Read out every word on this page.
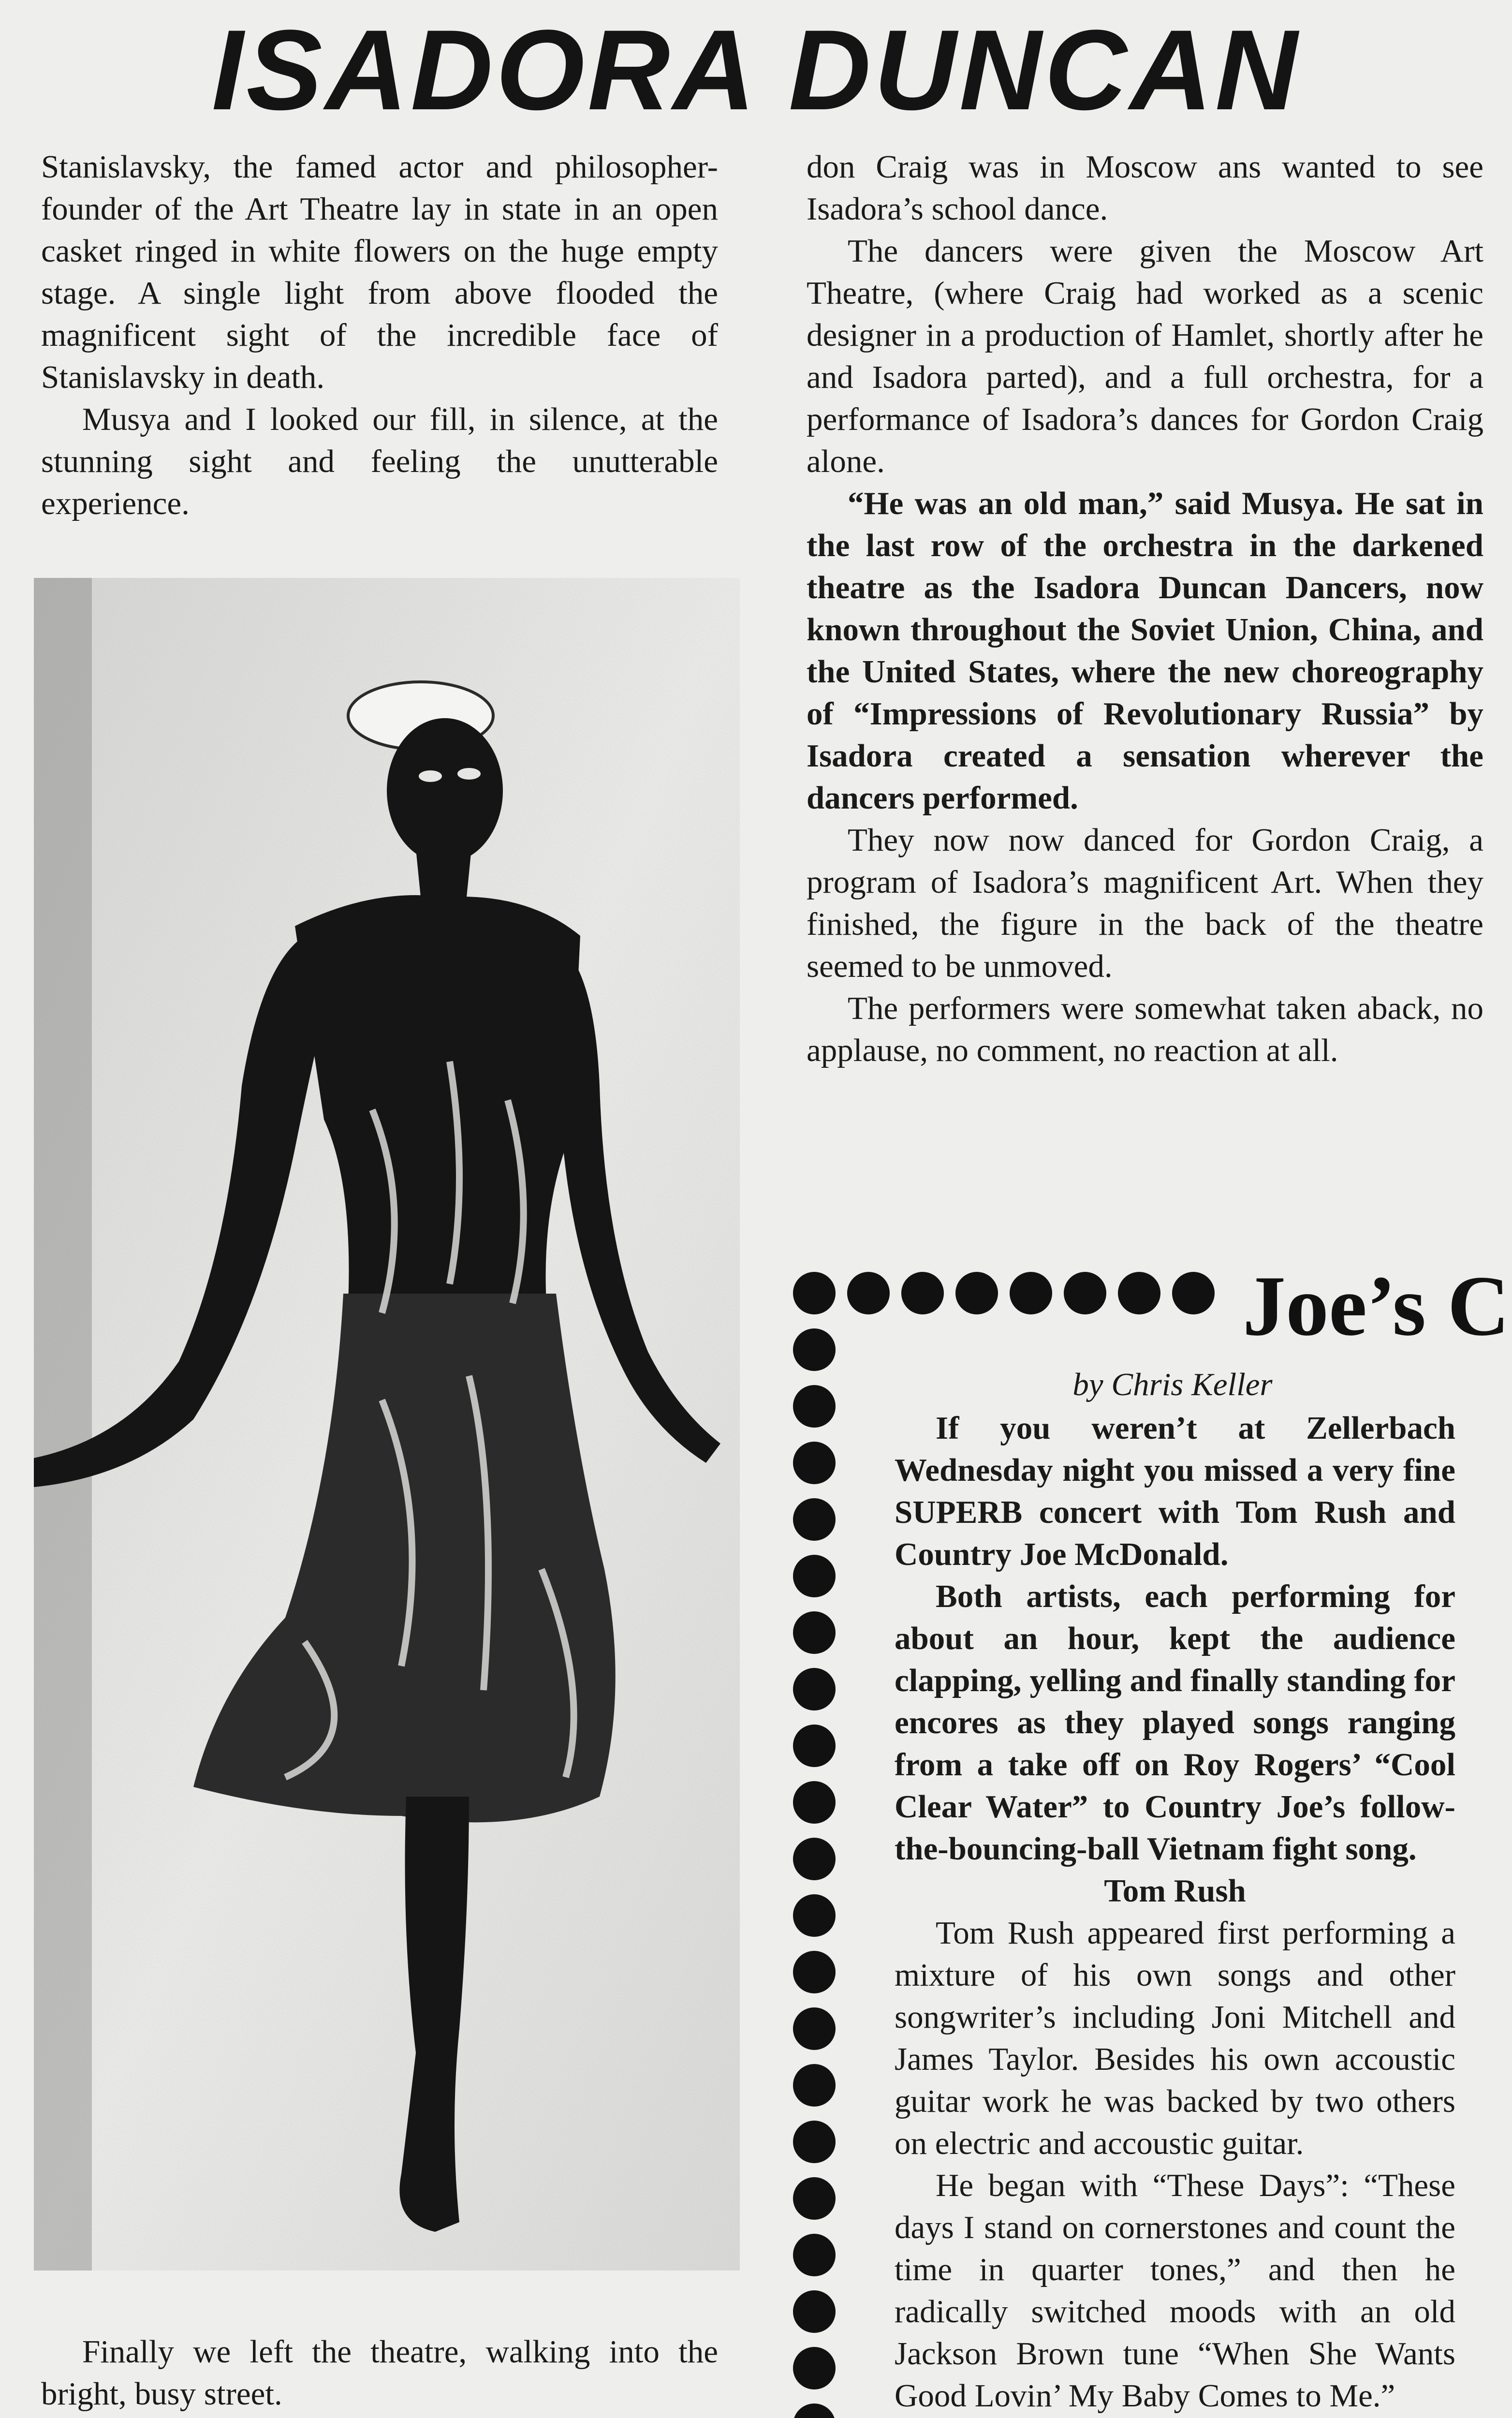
ISADORA DUNCAN

Stanislavsky, the famed actor and philosopher-founder of the Art Theatre lay in state in an open casket ringed in white flowers on the huge empty stage. A single light from above flooded the magnificent sight of the incredible face of Stanislavsky in death.

Musya and I looked our fill, in silence, at the stunning sight and feeling the unutterable experience.

Finally we left the theatre, walking into the bright, busy street.

don Craig was in Moscow ans wanted to see Isadora’s school dance.

The dancers were given the Moscow Art Theatre, (where Craig had worked as a scenic designer in a production of Hamlet, shortly after he and Isadora parted), and a full orchestra, for a performance of Isadora’s dances for Gordon Craig alone.

“He was an old man,” said Musya. He sat in the last row of the orchestra in the darkened theatre as the Isadora Duncan Dancers, now known throughout the Soviet Union, China, and the United States, where the new choreography of “Impressions of Revolutionary Russia” by Isadora created a sensation wherever the dancers performed.

They now now danced for Gordon Craig, a program of Isadora’s magnificent Art. When they finished, the figure in the back of the theatre seemed to be unmoved.

The performers were somewhat taken aback, no applause, no comment, no reaction at all.

Joe’s C
by Chris Keller

If you weren’t at Zellerbach Wednesday night you missed a very fine SUPERB concert with Tom Rush and Country Joe McDonald.

Both artists, each performing for about an hour, kept the audience clapping, yelling and finally standing for encores as they played songs ranging from a take off on Roy Rogers’ “Cool Clear Water” to Country Joe’s follow-the-bouncing-ball Vietnam fight song.

Tom Rush

Tom Rush appeared first performing a mixture of his own songs and other songwriter’s including Joni Mitchell and James Taylor. Besides his own accoustic guitar work he was backed by two others on electric and accoustic guitar.

He began with “These Days”: “These days I stand on cornerstones and count the time in quarter tones,” and then he radically switched moods with an old Jackson Brown tune “When She Wants Good Lovin’ My Baby Comes to Me.”
